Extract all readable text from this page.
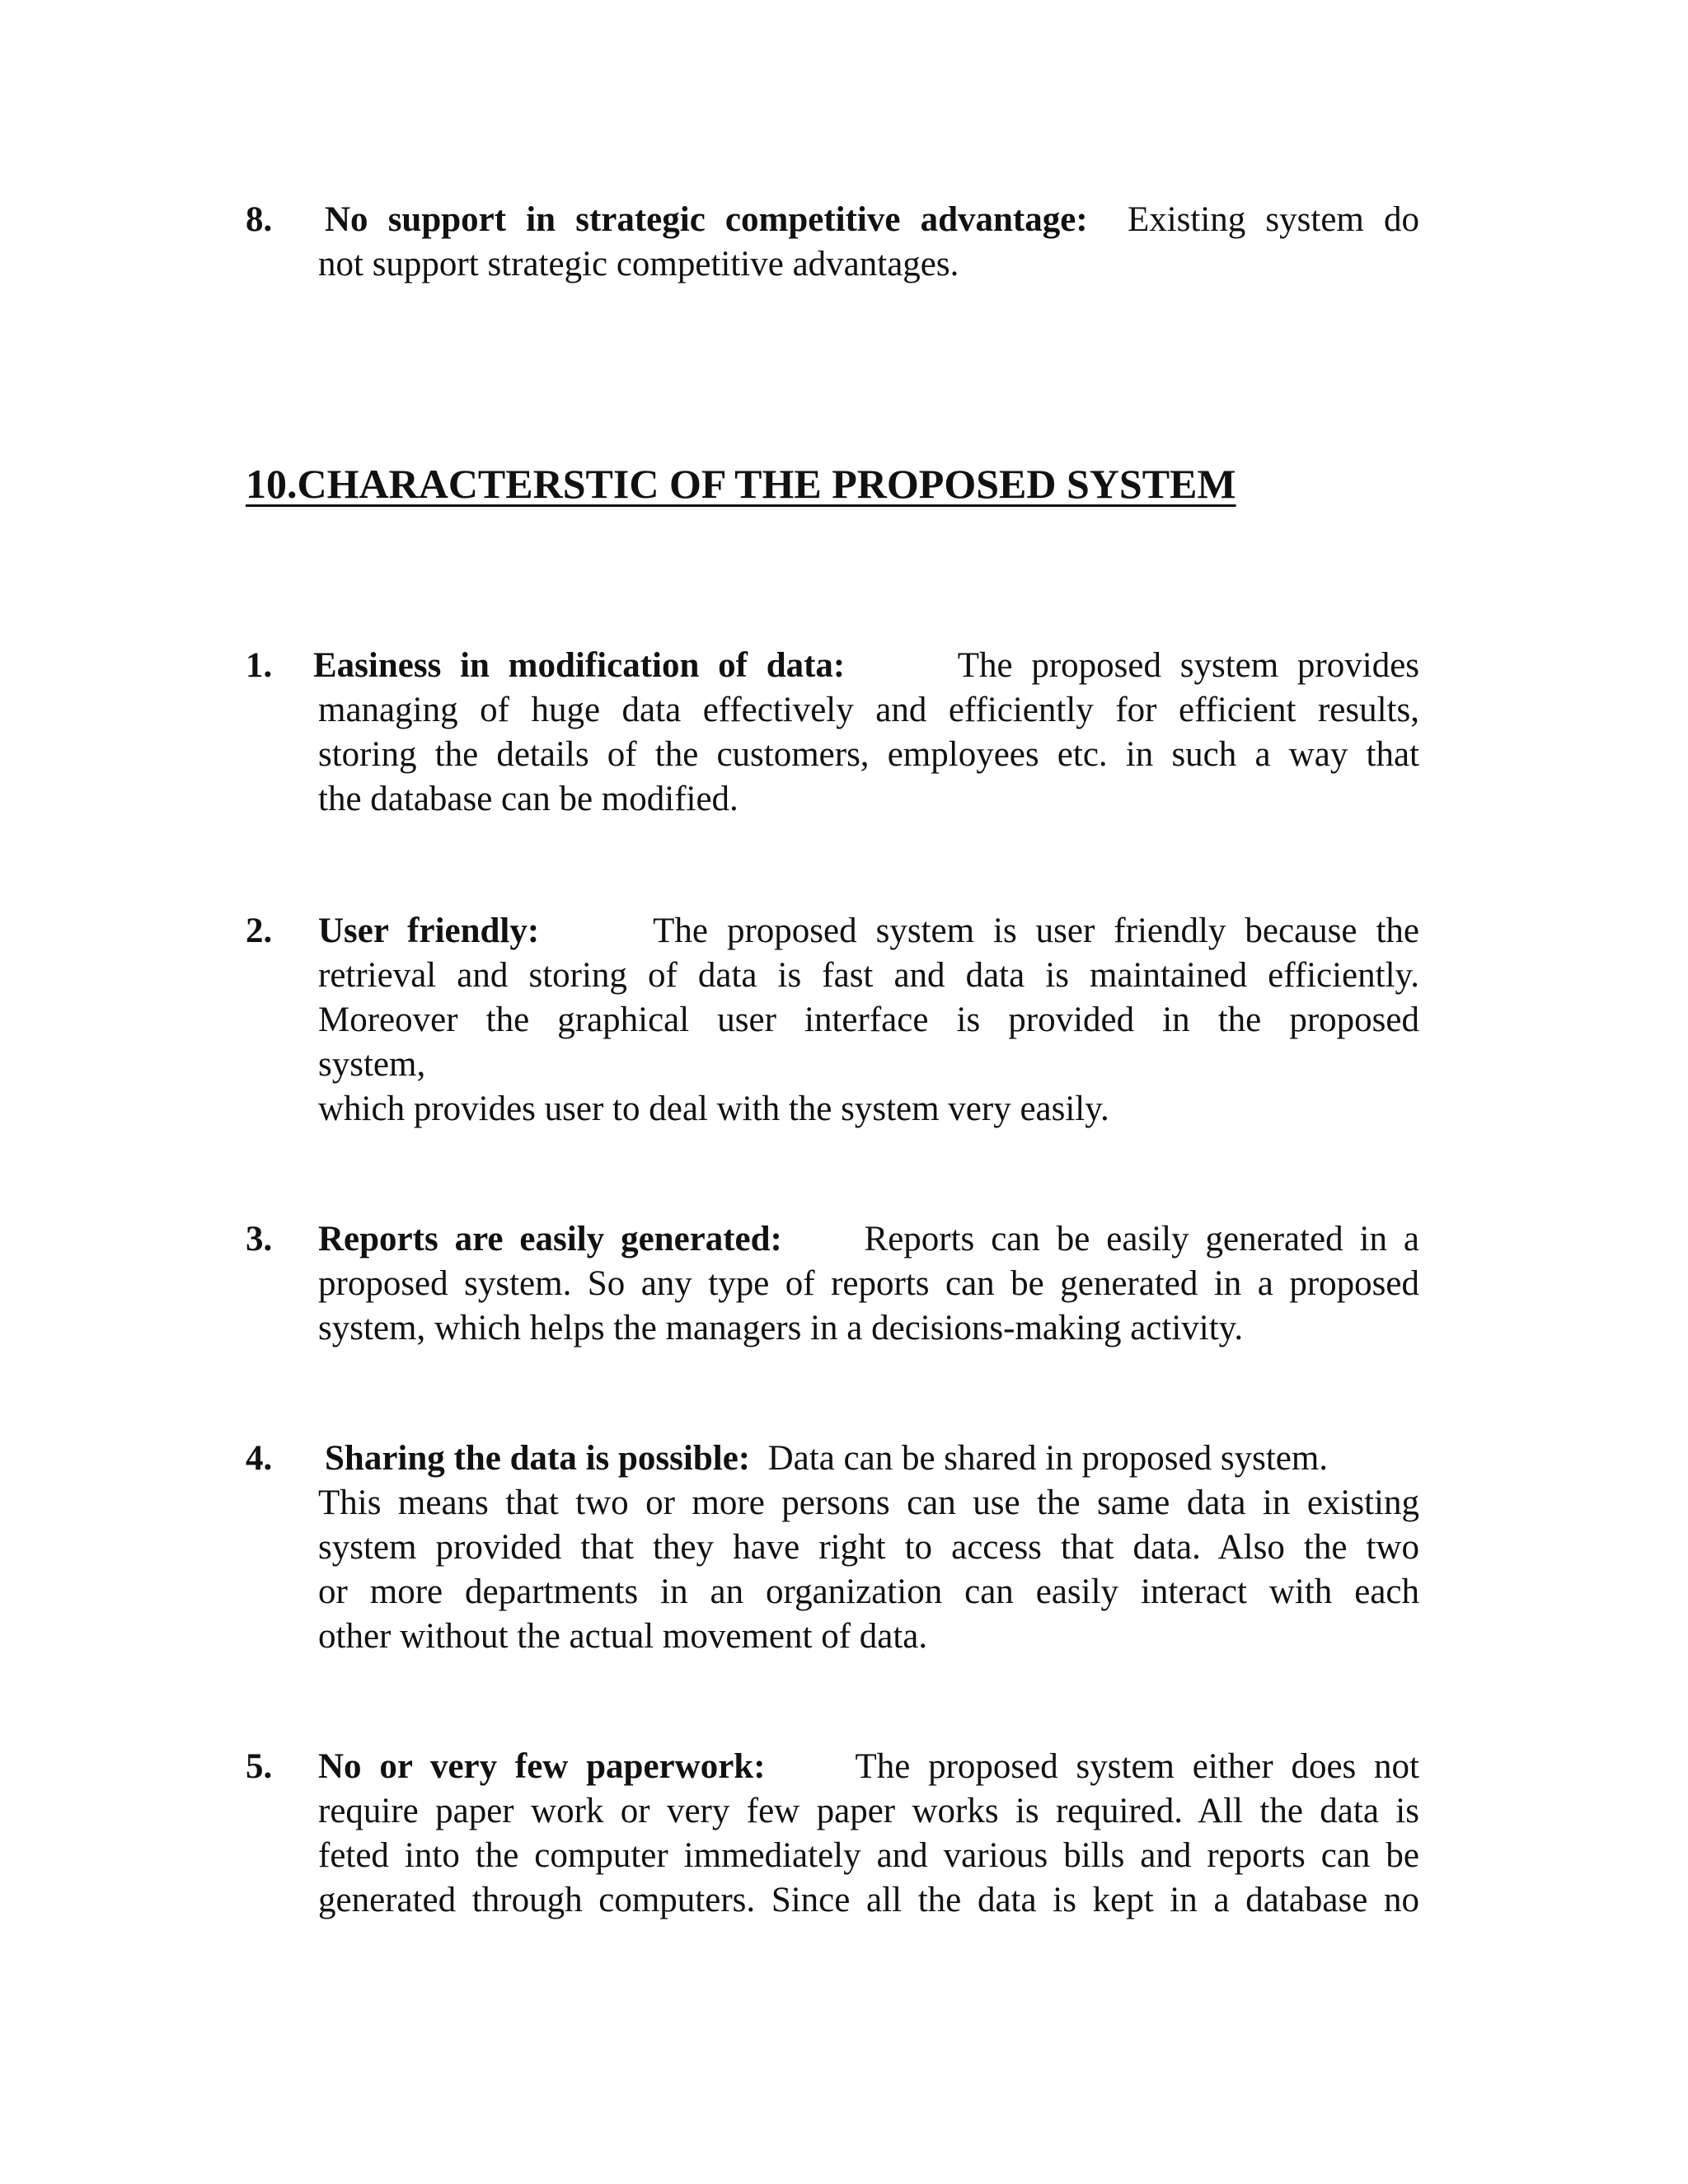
8. No support in strategic competitive advantage: Existing system do
not support strategic competitive advantages.
10.CHARACTERSTIC OF THE PROPOSED SYSTEM
1. Easiness in modification of data:	The proposed system provides
managing of huge data effectively and efficiently for efficient results,
storing the details of the customers, employees etc. in such a way that
the database can be modified.
2. User friendly:	The proposed system is user friendly because the
retrieval and storing of data is fast and data is maintained efficiently.
Moreover the graphical user interface is provided in the proposed
system,
which provides user to deal with the system very easily.
3. Reports are easily generated: Reports can be easily generated in a
proposed system. So any type of reports can be generated in a proposed
system, which helps the managers in a decisions-making activity.
4. Sharing the data is possible: Data can be shared in proposed system.
This means that two or more persons can use the same data in existing
system provided that they have right to access that data. Also the two
or more departments in an organization can easily interact with each
other without the actual movement of data.
5. No or very few paperwork:	The proposed system either does not
require paper work or very few paper works is required. All the data is
feted into the computer immediately and various bills and reports can be
generated through computers. Since all the data is kept in a database no
